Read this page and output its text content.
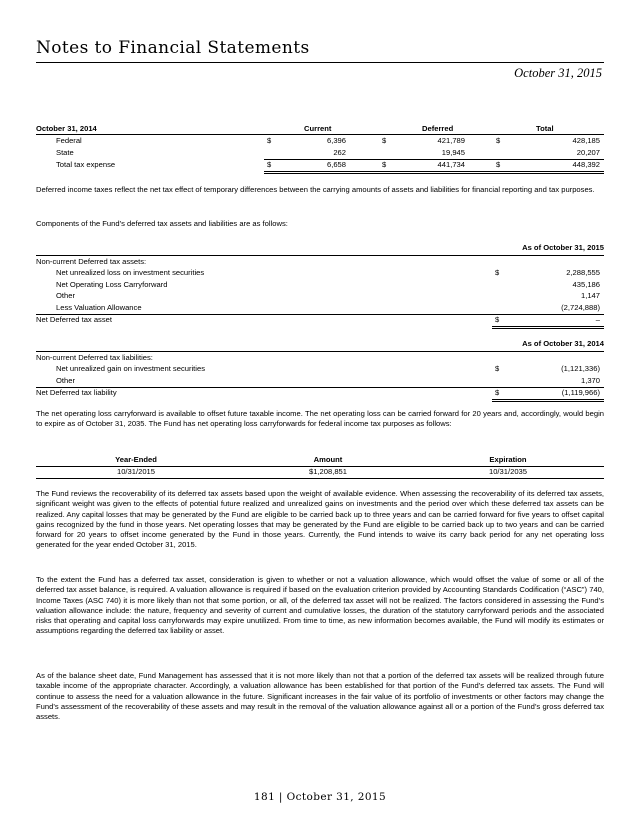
Notes to Financial Statements
October 31, 2015
October 31, 2014	Current	Deferred	Total
Federal	$	6,396	$	421,789	$	428,185
State	262	19,945	20,207
Total tax expense	$	6,658	$	441,734	$	448,392
Deferred income taxes reflect the net tax effect of temporary differences between the carrying amounts of assets and liabilities for financial reporting and tax purposes.
Components of the Fund’s deferred tax assets and liabilities are as follows:
As of October 31, 2015
Non-current Deferred tax assets:
Net unrealized loss on investment securities	$	2,288,555
Net Operating Loss Carryforward	435,186
Other	1,147
Less Valuation Allowance	(2,724,888)
Net Deferred tax asset	$	–
As of October 31, 2014
Non-current Deferred tax liabilities:
Net unrealized gain on investment securities	$	(1,121,336)
Other	1,370
Net Deferred tax liability	$	(1,119,966)
The net operating loss carryforward is available to offset future taxable income. The net operating loss can be carried forward for 20 years and, accordingly, would begin to expire as of October 31, 2035. The Fund has net operating loss carryforwards for federal income tax purposes as follows:
Year-Ended	Amount	Expiration
10/31/2015	$1,208,851	10/31/2035
The Fund reviews the recoverability of its deferred tax assets based upon the weight of available evidence. When assessing the recoverability of its deferred tax assets, significant weight was given to the effects of potential future realized and unrealized gains on investments and the period over which these deferred tax assets can be realized. Any capital losses that may be generated by the Fund are eligible to be carried back up to three years and can be carried forward for five years to offset capital gains recognized by the fund in those years. Net operating losses that may be generated by the Fund are eligible to be carried back up to two years and can be carried forward for 20 years to offset income generated by the Fund in those years. Currently, the Fund intends to waive its carry back period for any net operating loss generated for the year ended October 31, 2015.
To the extent the Fund has a deferred tax asset, consideration is given to whether or not a valuation allowance, which would offset the value of some or all of the deferred tax asset balance, is required. A valuation allowance is required if based on the evaluation criterion provided by Accounting Standards Codification (“ASC”) 740, Income Taxes (ASC 740) it is more likely than not that some portion, or all, of the deferred tax asset will not be realized. The factors considered in assessing the Fund’s valuation allowance include: the nature, frequency and severity of current and cumulative losses, the duration of the statutory carryforward periods and the associated risks that operating and capital loss carryforwards may expire unutilized. From time to time, as new information becomes available, the Fund will modify its estimates or assumptions regarding the deferred tax liability or asset.
As of the balance sheet date, Fund Management has assessed that it is not more likely than not that a portion of the deferred tax assets will be realized through future taxable income of the appropriate character. Accordingly, a valuation allowance has been established for that portion of the Fund’s deferred tax assets. The Fund will continue to assess the need for a valuation allowance in the future. Significant increases in the fair value of its portfolio of investments or other factors may change the Fund’s assessment of the recoverability of these assets and may result in the removal of the valuation allowance against all or a portion of the Fund’s gross deferred tax assets.
181 | October 31, 2015
